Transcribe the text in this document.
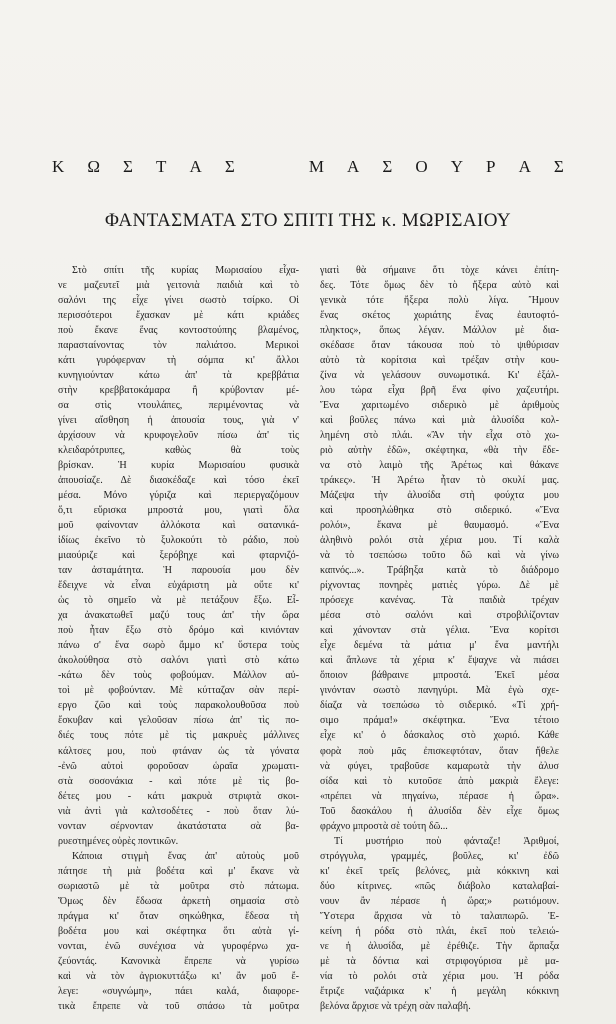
Κ Ω Σ Τ Α Σ	Μ Α Σ Ο Υ Ρ Α Σ
ΦΑΝΤΑΣΜΑΤΑ ΣΤΟ ΣΠΙΤΙ ΤΗΣ κ. ΜΩΡΙΣΑΙΟΥ
Στὸ σπίτι τῆς κυρίας Μωρισαίου εἶχα-
νε μαζευτεῖ μιὰ γειτονιὰ παιδιὰ καὶ τὸ
σαλόνι της εἶχε γίνει σωστὸ τσίρκο. Οἱ
περισσότεροι ἔχασκαν μὲ κάτι κριάδες
ποὺ ἔκανε ἕνας κοντοστούπης βλαμένος,
παρασταίνοντας τὸν παλιάτσο. Μερικοὶ
κάτι γυρόφερναν τὴ σόμπα κι' ἄλλοι
κυνηγιούνταν κάτω ἀπ' τὰ κρεββάτια
στὴν κρεββατοκάμαρα ἢ κρύβονταν μέ-
σα στὶς ντουλάπες, περιμένοντας νὰ
γίνει αἴσθηση ἡ ἀπουσία τους, γιὰ ν'
ἀρχίσουν νὰ κρυφογελοῦν πίσω ἀπ' τὶς
κλειδαρότρυπες, καθὼς θὰ τοὺς
βρίσκαν. Ἡ κυρία Μωρισαίου φυσικὰ
ἀπουσίαζε. Δὲ διασκέδαζε καὶ τόσο ἐκεῖ
μέσα. Μόνο γύριζα καὶ περιεργαζόμουν
ὅ,τι εὕρισκα μπροστά μου, γιατὶ ὅλα
μοῦ φαίνονταν ἀλλόκοτα καὶ σατανικά-
ἰδίως ἐκεῖνο τὸ ξυλοκούτι τὸ ράδιο, ποὺ
μιαούριζε καὶ ξερόβηχε καὶ φταρνιζό-
ταν ἀσταμάτητα. Ἡ παρουσία μου δὲν
ἔδειχνε νὰ εἶναι εὐχάριστη μὰ οὔτε κι'
ὡς τὸ σημεῖο νὰ μὲ πετάξουν ἔξω. Εἶ-
χα ἀνακατωθεῖ μαζύ τους ἀπ' τὴν ὥρα
ποὺ ἦταν ἔξω στὸ δρόμο καὶ κινιόνταν
πάνω σ' ἕνα σωρὸ ἄμμο κι' ὕστερα τοὺς
ἀκολούθησα στὸ σαλόνι γιατὶ στὸ κάτω
-κάτω δὲν τοὺς φοβούμαν. Μάλλον αὐ-
τοὶ μὲ φοβούνταν. Μὲ κύτταζαν σὰν περί-
εργο ζῶο καὶ τοὺς παρακολουθοῦσα ποὺ
ἔσκυβαν καὶ γελοῦσαν πίσω ἀπ' τὶς πο-
διές τους πότε μὲ τὶς μακρυὲς μάλλινες
κάλτσες μου, ποὺ φτάναν ὡς τὰ γόνατα
-ἐνῶ αὐτοὶ φοροῦσαν ὡραῖα χρωματι-
στὰ σοσονάκια - καὶ πότε μὲ τὶς βο-
δέτες μου - κάτι μακρυὰ στριφτὰ σκοι-
νιὰ ἀντὶ γιὰ καλτσοδέτες - ποὺ ὅταν λύ-
νονταν σέρνονταν ἀκατάστατα σὰ βα-
ρυεστημένες οὐρὲς ποντικῶν.
Κάποια στιγμὴ ἕνας ἀπ' αὐτοὺς μοῦ
πάτησε τὴ μιὰ βοδέτα καὶ μ' ἔκανε νὰ
σωριαστῶ μὲ τὰ μοῦτρα στὸ πάτωμα.
Ὅμως δὲν ἔδωσα ἀρκετὴ σημασία στὸ
πράγμα κι' ὅταν σηκώθηκα, ἔδεσα τὴ
βοδέτα μου καὶ σκέφτηκα ὅτι αὐτὰ γί-
νονται, ἐνῶ συνέχισα νὰ γυροφέρνω χα-
ζεύοντάς. Κανονικὰ ἔπρεπε νὰ γυρίσω
καὶ νὰ τὸν ἀγριοκυττάξω κι' ἂν μοῦ ἔ-
λεγε: «συγνώμη», πάει καλά, διαφορε-
τικὰ ἔπρεπε νὰ τοῦ σπάσω τὰ μοῦτρα
γιατὶ θὰ σήμαινε ὅτι τὸχε κάνει ἐπίτη-
δες. Τότε ὅμως δὲν τὸ ἤξερα αὐτὸ καὶ
γενικὰ τότε ἤξερα πολὺ λίγα. Ἤμουν
ἕνας σκέτος χωριάτης ἕνας ἐαυτοφτό-
πληκτος», ὅπως λέγαν. Μάλλον μὲ δια-
σκέδασε ὅταν τάκουσα ποὺ τὸ ψιθύρισαν
αὐτὸ τὰ κορίτσια καὶ τρέξαν στὴν κου-
ζίνα νὰ γελάσουν συνωμοτικά. Κι' ἐξάλ-
λου τώρα εἶχα βρῆ ἕνα φίνο χαζευτήρι.
Ἕνα χαριτωμένο σιδερικὸ μὲ ἀριθμοὺς
καὶ βοῦλες πάνω καὶ μιὰ ἀλυσίδα κολ-
λημένη στὸ πλάι. «Ἂν τὴν εἶχα στὸ χω-
ριὸ αὐτὴν ἐδῶ», σκέφτηκα, «θὰ τὴν ἔδε-
να στὸ λαιμὸ τῆς Ἀρέτως καὶ θάκανε
τράκες». Ἡ Ἀρέτω ἦταν τὸ σκυλί μας.
Μάζεψα τὴν ἀλυσίδα στὴ φούχτα μου
καὶ προσηλώθηκα στὸ σιδερικό. «Ἕνα
ρολόι», ἔκανα μὲ θαυμασμό. «Ἕνα
ἀληθινὸ ρολόι στὰ χέρια μου. Τί καλὰ
νὰ τὸ τσεπώσω τοῦτο δῶ καὶ νὰ γίνω
καπνός...». Τράβηξα κατὰ τὸ διάδρομο
ρίχνοντας πονηρὲς ματιὲς γύρω. Δὲ μὲ
πρόσεχε κανένας. Τὰ παιδιὰ τρέχαν
μέσα στὸ σαλόνι καὶ στροβιλίζονταν
καὶ χάνονταν στὰ γέλια. Ἕνα κορίτσι
εἶχε δεμένα τὰ μάτια μ' ἕνα μαντήλι
καὶ ἅπλωνε τὰ χέρια κ' ἔψαχνε νὰ πιάσει
ὅποιον βάθραινε μπροστά. Ἐκεῖ μέσα
γινόνταν σωστὸ πανηγύρι. Μὰ ἐγὼ σχε-
δίαζα νὰ τσεπώσω τὸ σιδερικό. «Τί χρή-
σιμο πράμα!» σκέφτηκα. Ἕνα τέτοιο
εἶχε κι' ὁ δάσκαλος στὸ χωριό. Κάθε
φορὰ ποὺ μᾶς ἐπισκεφτόταν, ὅταν ἤθελε
νὰ φύγει, τραβοῦσε καμαρωτὰ τὴν ἀλυσ
σίδα καὶ τὸ κυτοῦσε ἀπὸ μακριὰ ἔλεγε:
«πρέπει νὰ πηγαίνω, πέρασε ἡ ὥρα».
Τοῦ δασκάλου ἡ ἀλυσίδα δὲν εἶχε ὅμως
φράχνο μπροστὰ σὲ τούτη δῶ...
Τί μυστήριο ποὺ φάνταζε! Ἀριθμοί,
στρόγγυλα, γραμμές, βοῦλες, κι' ἐδῶ
κι' ἐκεῖ τρεῖς βελόνες, μιὰ κόκκινη καὶ
δύο κίτρινες. «πῶς διάβολο καταλαβαί-
νουν ἂν πέρασε ἡ ὥρα;» ρωτιόμουν.
Ὕστερα ἄρχισα νὰ τὸ ταλαιπωρῶ. Ἐ-
κείνη ἡ ρόδα στὸ πλάι, ἐκεῖ ποὺ τελειώ-
νε ἡ ἀλυσίδα, μὲ ἐρέθιζε. Τὴν ἄρπαξα
μὲ τὰ δόντια καὶ στριφογύρισα μὲ μα-
νία τὸ ρολόι στὰ χέρια μου. Ἡ ρόδα
ἔτριζε ναζιάρικα κ' ἡ μεγάλη κόκκινη
βελόνα ἄρχισε νὰ τρέχη σὰν παλαβή.
